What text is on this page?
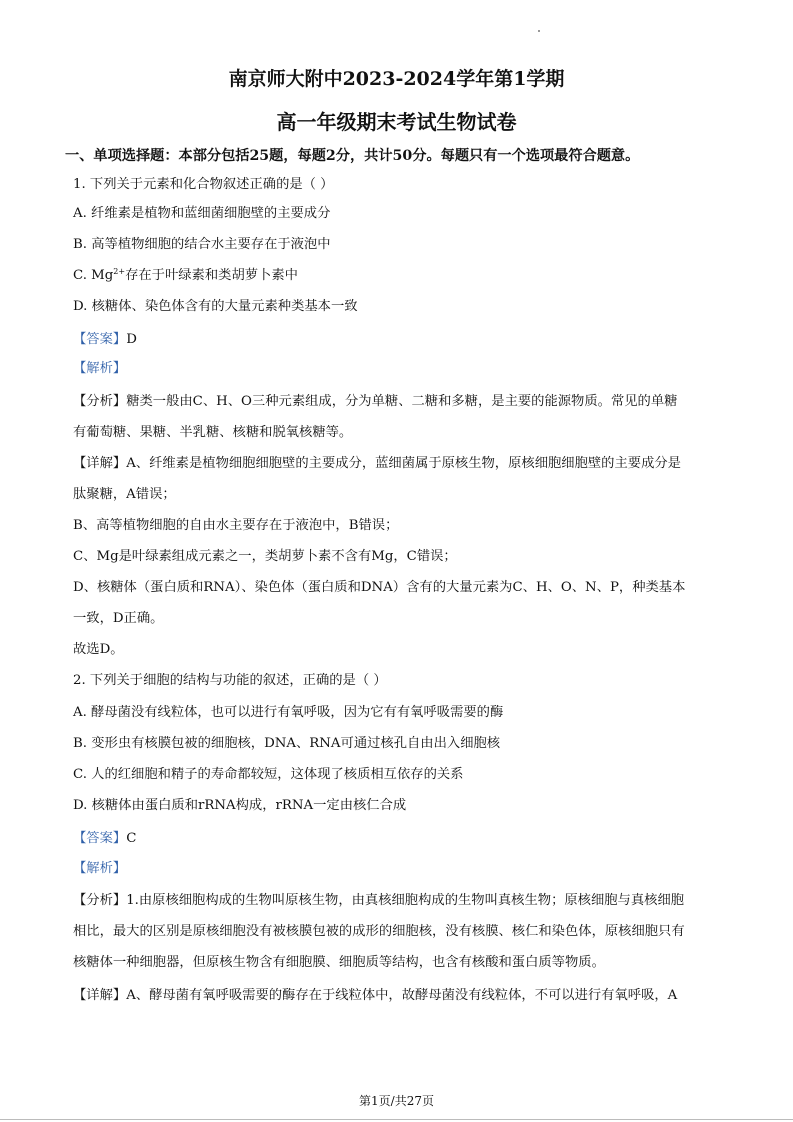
南京师大附中2023-2024学年第1学期
高一年级期末考试生物试卷
一、单项选择题：本部分包括25题，每题2分，共计50分。每题只有一个选项最符合题意。
1. 下列关于元素和化合物叙述正确的是（ ）
A. 纤维素是植物和蓝细菌细胞壁的主要成分
B. 高等植物细胞的结合水主要存在于液泡中
C. $Mg^{2+}$存在于叶绿素和类胡萝卜素中
D. 核糖体、染色体含有的大量元素种类基本一致
【答案】D
【解析】
【分析】糖类一般由C、H、O三种元素组成，分为单糖、二糖和多糖，是主要的能源物质。常见的单糖
有葡萄糖、果糖、半乳糖、核糖和脱氧核糖等。
【详解】A、纤维素是植物细胞细胞壁的主要成分，蓝细菌属于原核生物，原核细胞细胞壁的主要成分是
肽聚糖，A错误；
B、高等植物细胞的自由水主要存在于液泡中，B错误；
C、Mg是叶绿素组成元素之一，类胡萝卜素不含有Mg，C错误；
D、核糖体（蛋白质和RNA）、染色体（蛋白质和DNA）含有的大量元素为C、H、O、N、P，种类基本
一致，D正确。
故选D。
2. 下列关于细胞的结构与功能的叙述，正确的是（ ）
A. 酵母菌没有线粒体，也可以进行有氧呼吸，因为它有有氧呼吸需要的酶
B. 变形虫有核膜包被的细胞核，DNA、RNA可通过核孔自由出入细胞核
C. 人的红细胞和精子的寿命都较短，这体现了核质相互依存的关系
D. 核糖体由蛋白质和rRNA构成，rRNA一定由核仁合成
【答案】C
【解析】
【分析】1.由原核细胞构成的生物叫原核生物，由真核细胞构成的生物叫真核生物；原核细胞与真核细胞
相比，最大的区别是原核细胞没有被核膜包被的成形的细胞核，没有核膜、核仁和染色体，原核细胞只有
核糖体一种细胞器，但原核生物含有细胞膜、细胞质等结构，也含有核酸和蛋白质等物质。
【详解】A、酵母菌有氧呼吸需要的酶存在于线粒体中，故酵母菌没有线粒体，不可以进行有氧呼吸，A
第1页/共27页
